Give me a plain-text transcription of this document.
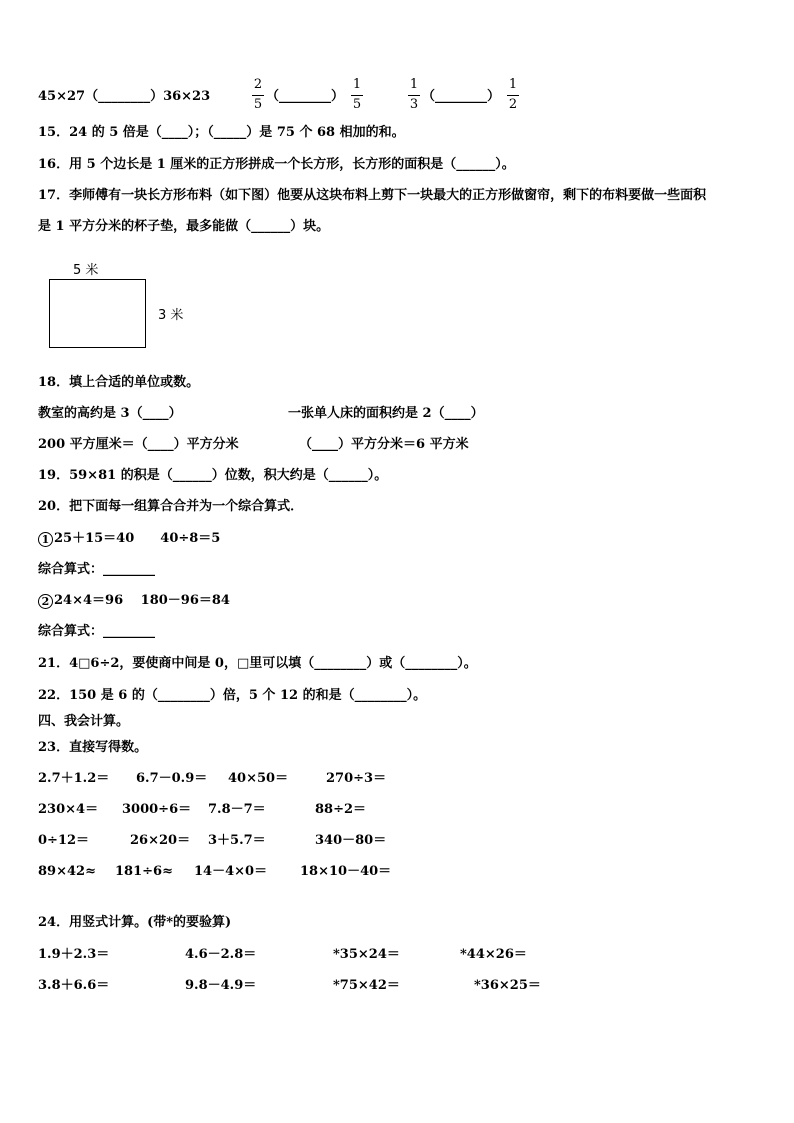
45×27（________）36×23
2
5
（________）
1
5
1
3
（________）
1
2
15．24 的 5 倍是（____）；（_____）是 75 个 68 相加的和。
16．用 5 个边长是 1 厘米的正方形拼成一个长方形，长方形的面积是（______）。
17．李师傅有一块长方形布料（如下图）他要从这块布料上剪下一块最大的正方形做窗帘，剩下的布料要做一些面积
是 1 平方分米的杯子垫，最多能做（______）块。
5 米
3 米
18．填上合适的单位或数。
教室的高约是 3（____）	一张单人床的面积约是 2（____）
200 平方厘米＝（____）平方分米	（____）平方分米＝6 平方米
19．59×81 的积是（______）位数，积大约是（______）。
20．把下面每一组算合合并为一个综合算式．
1 25＋15＝40　　40÷8＝5
综合算式：________
2 24×4＝96　 180－96＝84
综合算式：________
21．4□6÷2，要使商中间是 0，□里可以填（________）或（________）。
22．150 是 6 的（________）倍，5 个 12 的和是（________）。
四、我会计算。
23．直接写得数。
2.7＋1.2＝ 6.7－0.9＝ 40×50＝	270÷3＝
230×4＝ 3000÷6＝ 7.8－7＝	88÷2＝
0÷12＝	26×20＝ 3＋5.7＝	340－80＝
89×42≈ 181÷6≈ 14－4×0＝	18×10－40＝
24．用竖式计算。(带*的要验算)
1.9＋2.3＝	4.6－2.8＝	*35×24＝	*44×26＝
3.8＋6.6＝	9.8－4.9＝	*75×42＝	*36×25＝
